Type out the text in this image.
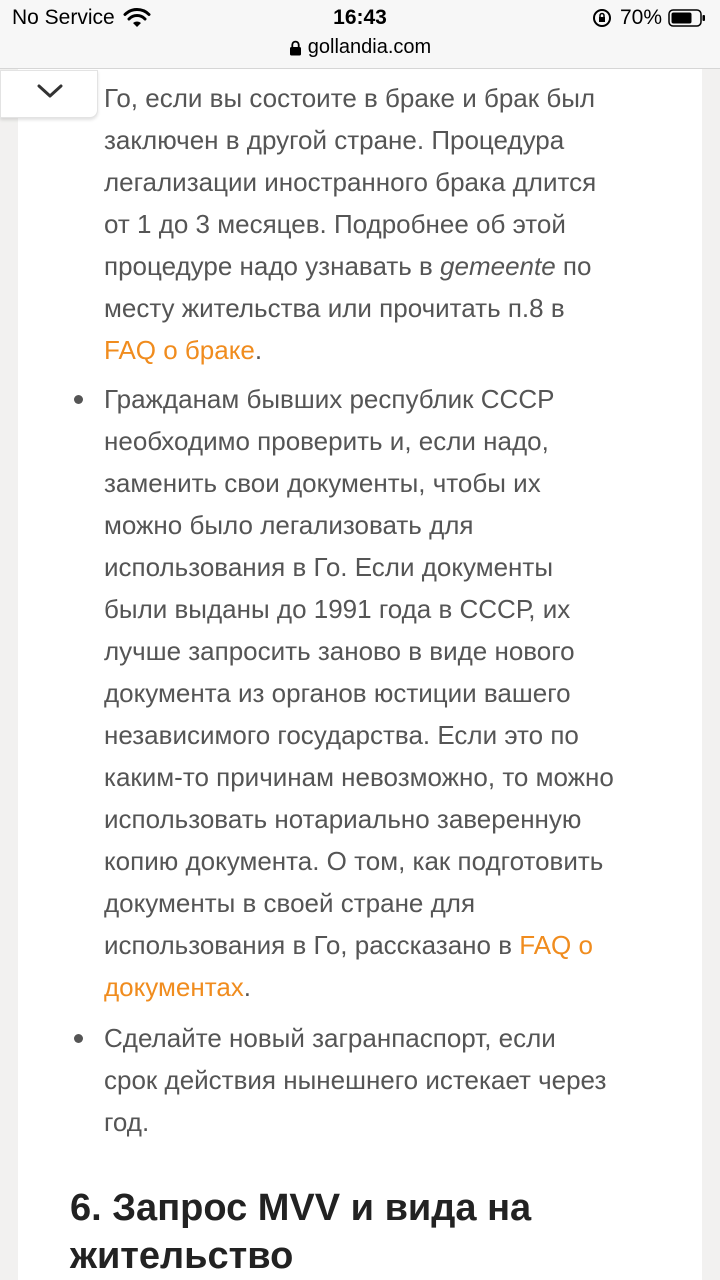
No Service	16:43	70%
gollandia.com
Го, если вы состоите в браке и брак был
заключен в другой стране. Процедура
легализации иностранного брака длится
от 1 до 3 месяцев. Подробнее об этой
процедуре надо узнавать в gemeente по
месту жительства или прочитать п.8 в
FAQ о браке.
Гражданам бывших республик СССР
необходимо проверить и, если надо,
заменить свои документы, чтобы их
можно было легализовать для
использования в Го. Если документы
были выданы до 1991 года в СССР, их
лучше запросить заново в виде нового
документа из органов юстиции вашего
независимого государства. Если это по
каким-то причинам невозможно, то можно
использовать нотариально заверенную
копию документа. О том, как подготовить
документы в своей стране для
использования в Го, рассказано в FAQ о
документах.
Сделайте новый загранпаспорт, если
срок действия нынешнего истекает через
год.
6. Запрос MVV и вида на
жительство
